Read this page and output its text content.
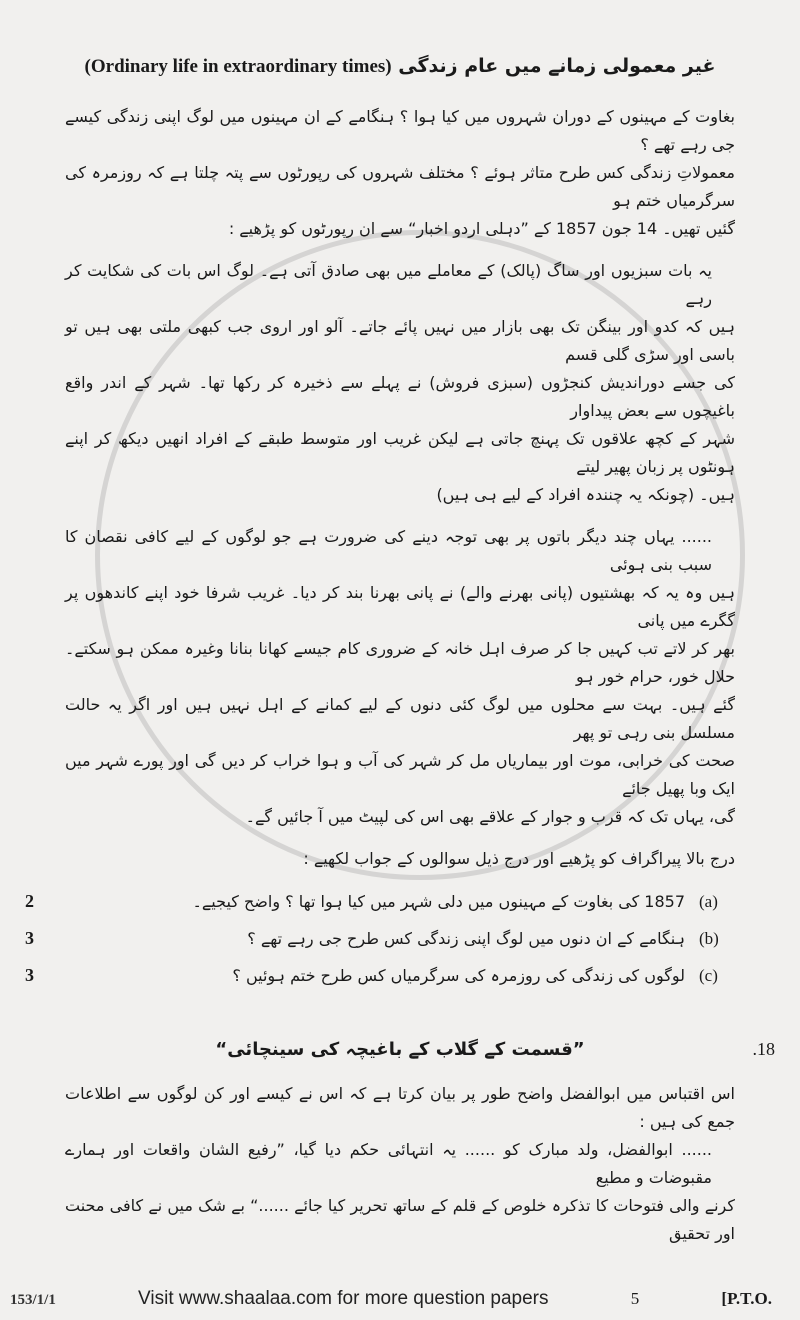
(Ordinary life in extraordinary times) غیر معمولی زمانے میں عام زندگی
بغاوت کے مہینوں کے دوران شہروں میں کیا ہوا ؟ ہنگامے کے ان مہینوں میں لوگ اپنی زندگی کیسے جی رہے تھے ؟
معمولاتِ زندگی کس طرح متاثر ہوئے ؟ مختلف شہروں کی رپورٹوں سے پتہ چلتا ہے کہ روزمرہ کی سرگرمیاں ختم ہو
گئیں تھیں۔ 14 جون 1857 کے ”دہلی اردو اخبار“ سے ان رپورٹوں کو پڑھیے :
یہ بات سبزیوں اور ساگ (پالک) کے معاملے میں بھی صادق آتی ہے۔ لوگ اس بات کی شکایت کر رہے
ہیں کہ کدو اور بینگن تک بھی بازار میں نہیں پائے جاتے۔ آلو اور اروی جب کبھی ملتی بھی ہیں تو باسی اور سڑی گلی قسم
کی جسے دوراندیش کنجڑوں (سبزی فروش) نے پہلے سے ذخیرہ کر رکھا تھا۔ شہر کے اندر واقع باغیچوں سے بعض پیداوار
شہر کے کچھ علاقوں تک پہنچ جاتی ہے لیکن غریب اور متوسط طبقے کے افراد انھیں دیکھ کر اپنے ہونٹوں پر زبان پھیر لیتے
ہیں۔ (چونکہ یہ چنندہ افراد کے لیے ہی ہیں)
...... یہاں چند دیگر باتوں پر بھی توجہ دینے کی ضرورت ہے جو لوگوں کے لیے کافی نقصان کا سبب بنی ہوئی
ہیں وہ یہ کہ بھشتیوں (پانی بھرنے والے) نے پانی بھرنا بند کر دیا۔ غریب شرفا خود اپنے کاندھوں پر گگرے میں پانی
بھر کر لاتے تب کہیں جا کر صرف اہل خانہ کے ضروری کام جیسے کھانا بنانا وغیرہ ممکن ہو سکتے۔ حلال خور، حرام خور ہو
گئے ہیں۔ بہت سے محلوں میں لوگ کئی دنوں کے لیے کمانے کے اہل نہیں ہیں اور اگر یہ حالت مسلسل بنی رہی تو پھر
صحت کی خرابی، موت اور بیماریاں مل کر شہر کی آب و ہوا خراب کر دیں گی اور پورے شہر میں ایک وبا پھیل جائے
گی، یہاں تک کہ قرب و جوار کے علاقے بھی اس کی لپیٹ میں آ جائیں گے۔
درج بالا پیراگراف کو پڑھیے اور درج ذیل سوالوں کے جواب لکھیے :
2	1857 کی بغاوت کے مہینوں میں دلی شہر میں کیا ہوا تھا ؟ واضح کیجیے۔ (a)
3	ہنگامے کے ان دنوں میں لوگ اپنی زندگی کس طرح جی رہے تھے ؟ (b)
3	لوگوں کی زندگی کی روزمرہ کی سرگرمیاں کس طرح ختم ہوئیں ؟ (c)
”قسمت کے گلاب کے باغیچہ کی سینچائی“	.18
اس اقتباس میں ابوالفضل واضح طور پر بیان کرتا ہے کہ اس نے کیسے اور کن لوگوں سے اطلاعات جمع کی ہیں :
...... ابوالفضل، ولد مبارک کو ...... یہ انتہائی حکم دیا گیا، ”رفیع الشان واقعات اور ہمارے مقبوضات و مطیع
کرنے والی فتوحات کا تذکرہ خلوص کے قلم کے ساتھ تحریر کیا جائے ......“ بے شک میں نے کافی محنت اور تحقیق
153/1/1	Visit www.shaalaa.com for more question papers	5	[P.T.O.
